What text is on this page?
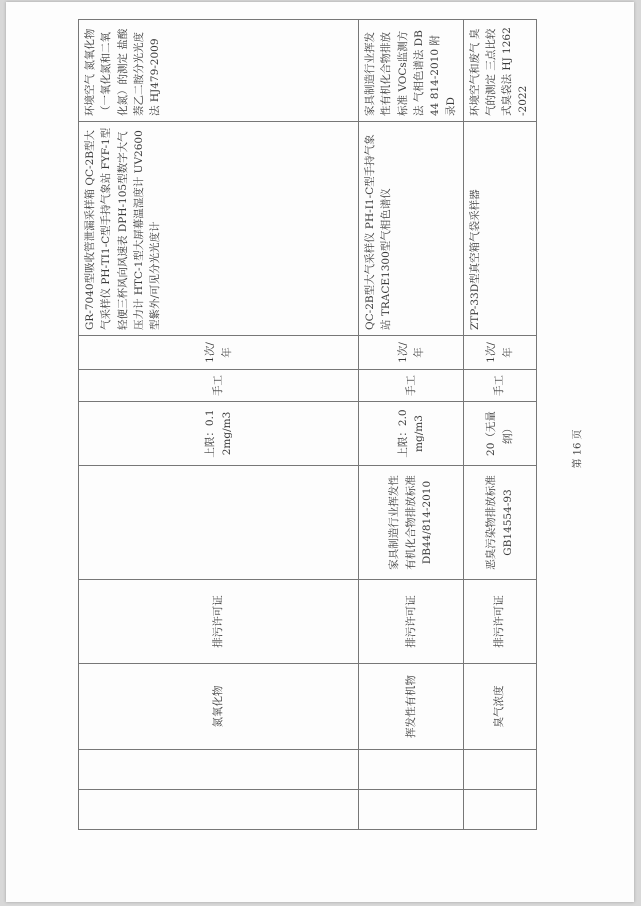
		氮氧化物	排污许可证		上限：0.12mg/m3	手工	1次/年	GR-7040型吸收管泄漏采样箱 QC-2B型大气采样仪 PH-TI1-C型手持气象站 FYF-1型轻便三杯风向风速表 DPH-105型数字大气压力计 HTC-1型大屏幕温湿度计 UV2600型紫外/可见分光光度计	环境空气 氮氧化物（一氧化氮和二氧化氮）的测定 盐酸萘乙二胺分光光度法 HJ479-2009
		挥发性有机物	排污许可证	家具制造行业挥发性有机化合物排放标准 DB44/814-2010	上限：2.0mg/m3	手工	1次/年	QC-2B型大气采样仪 PH-I1-C型手持气象站 TRACE1300型气相色谱仪	家具制造行业挥发性有机化合物排放标准 VOCs监测方法 气相色谱法 DB 44 814-2010 附录D
		臭气浓度	排污许可证	恶臭污染物排放标准 GB14554-93	20（无量纲）	手工	1次/年	ZTP-33D型真空箱气袋采样器	环境空气和废气 臭气的测定 三点比较式臭袋法 HJ 1262-2022
第 16 页
